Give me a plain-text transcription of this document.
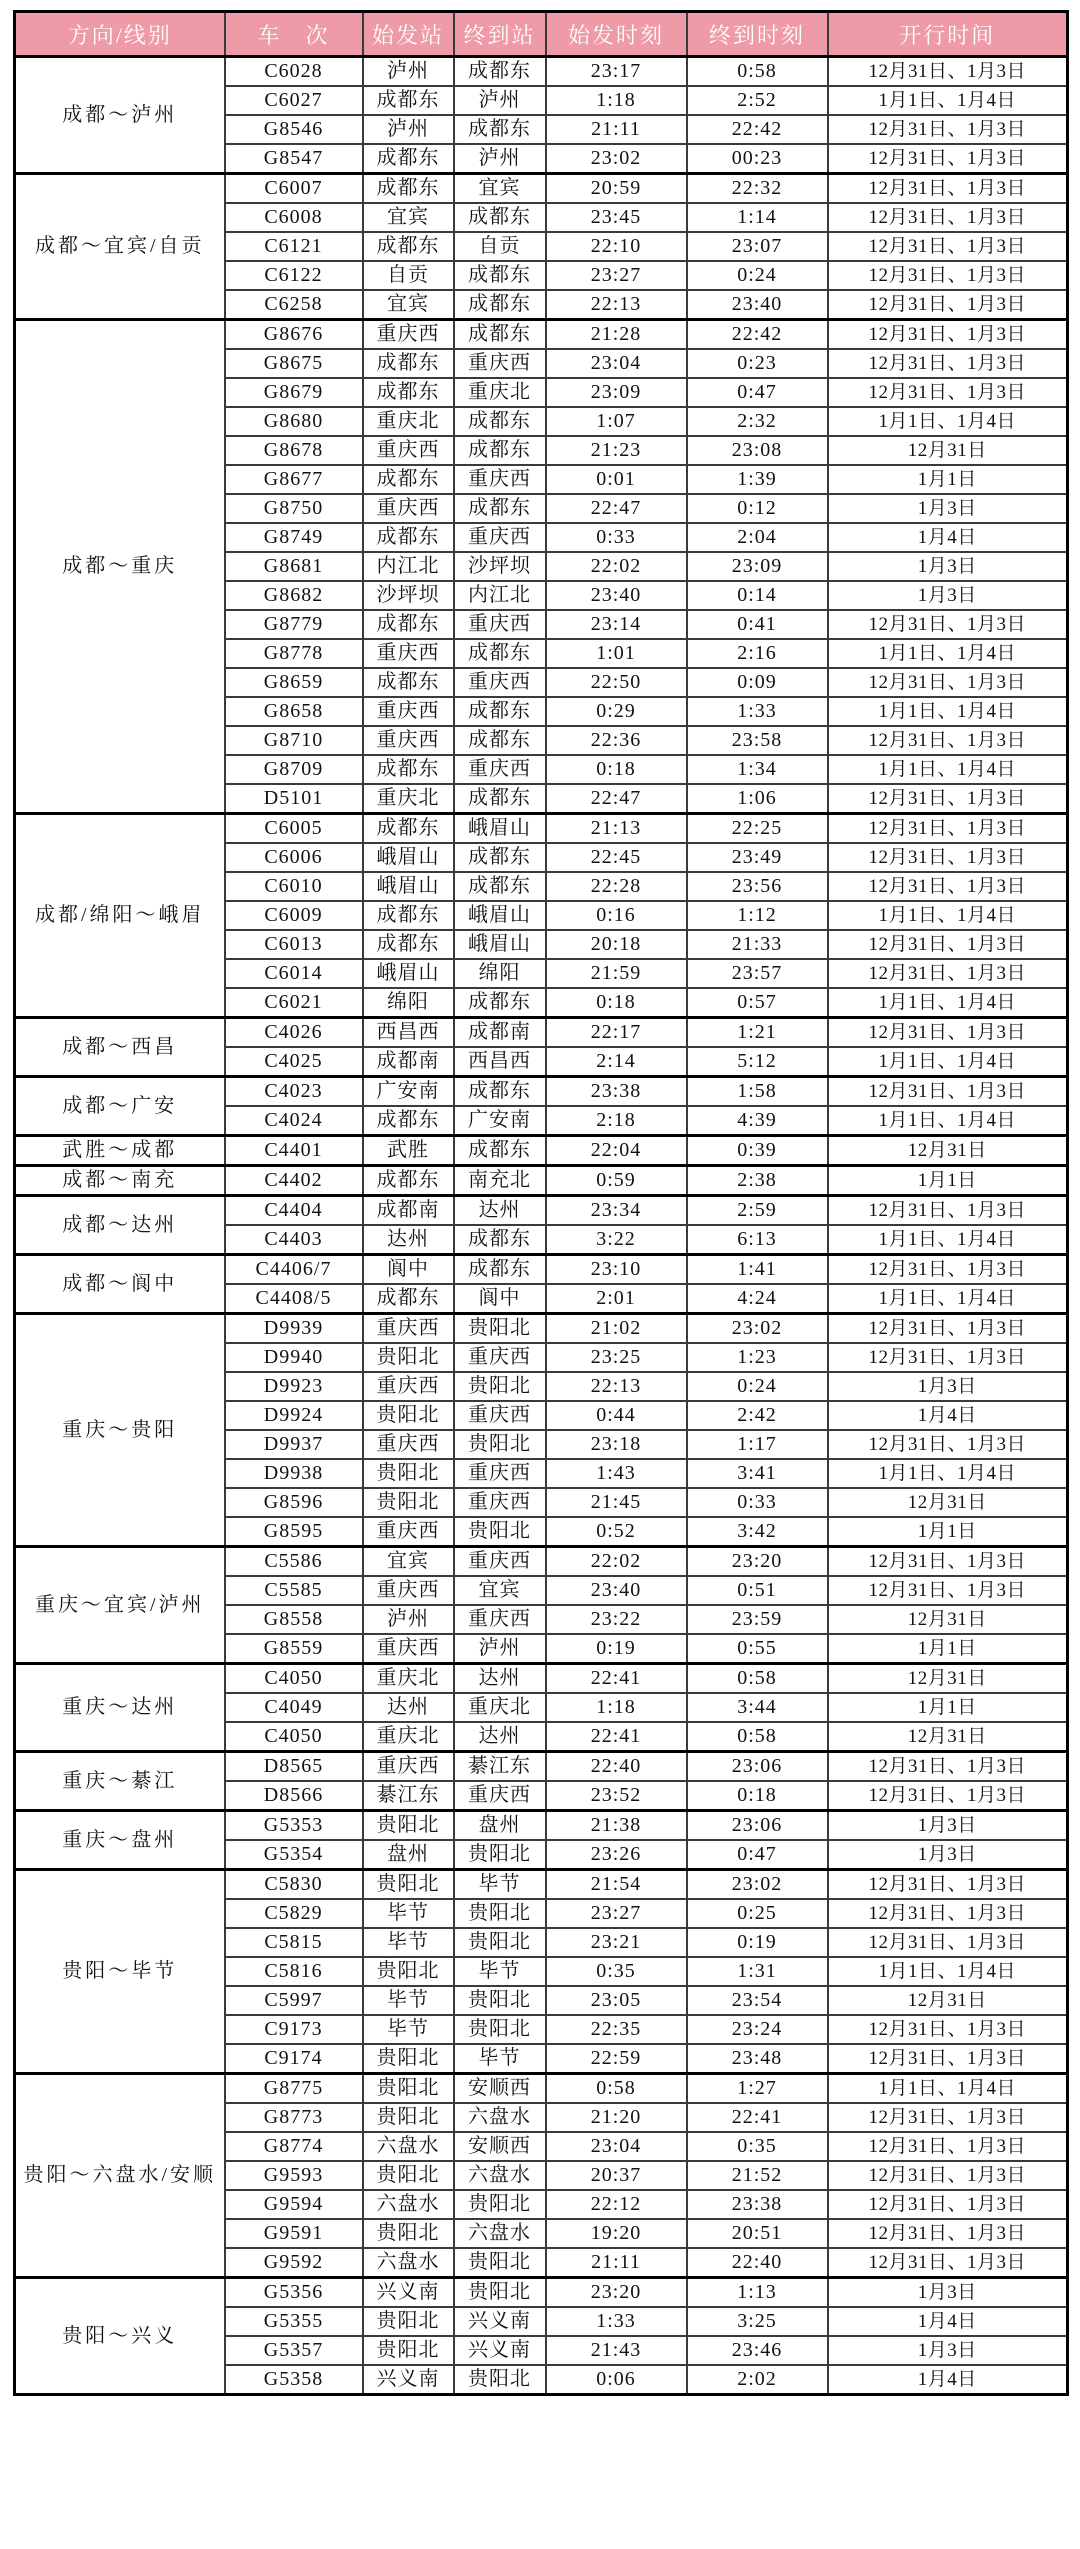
方向/线别	车　次	始发站	终到站	始发时刻	终到时刻	开行时间
成都～泸州	C6028	泸州	成都东	23:17	0:58	12月31日、1月3日
	C6027	成都东	泸州	1:18	2:52	1月1日、1月4日
	G8546	泸州	成都东	21:11	22:42	12月31日、1月3日
	G8547	成都东	泸州	23:02	00:23	12月31日、1月3日
成都～宜宾/自贡	C6007	成都东	宜宾	20:59	22:32	12月31日、1月3日
	C6008	宜宾	成都东	23:45	1:14	12月31日、1月3日
	C6121	成都东	自贡	22:10	23:07	12月31日、1月3日
	C6122	自贡	成都东	23:27	0:24	12月31日、1月3日
	C6258	宜宾	成都东	22:13	23:40	12月31日、1月3日
成都～重庆	G8676	重庆西	成都东	21:28	22:42	12月31日、1月3日
	G8675	成都东	重庆西	23:04	0:23	12月31日、1月3日
	G8679	成都东	重庆北	23:09	0:47	12月31日、1月3日
	G8680	重庆北	成都东	1:07	2:32	1月1日、1月4日
	G8678	重庆西	成都东	21:23	23:08	12月31日
	G8677	成都东	重庆西	0:01	1:39	1月1日
	G8750	重庆西	成都东	22:47	0:12	1月3日
	G8749	成都东	重庆西	0:33	2:04	1月4日
	G8681	内江北	沙坪坝	22:02	23:09	1月3日
	G8682	沙坪坝	内江北	23:40	0:14	1月3日
	G8779	成都东	重庆西	23:14	0:41	12月31日、1月3日
	G8778	重庆西	成都东	1:01	2:16	1月1日、1月4日
	G8659	成都东	重庆西	22:50	0:09	12月31日、1月3日
	G8658	重庆西	成都东	0:29	1:33	1月1日、1月4日
	G8710	重庆西	成都东	22:36	23:58	12月31日、1月3日
	G8709	成都东	重庆西	0:18	1:34	1月1日、1月4日
	D5101	重庆北	成都东	22:47	1:06	12月31日、1月3日
成都/绵阳～峨眉	C6005	成都东	峨眉山	21:13	22:25	12月31日、1月3日
	C6006	峨眉山	成都东	22:45	23:49	12月31日、1月3日
	C6010	峨眉山	成都东	22:28	23:56	12月31日、1月3日
	C6009	成都东	峨眉山	0:16	1:12	1月1日、1月4日
	C6013	成都东	峨眉山	20:18	21:33	12月31日、1月3日
	C6014	峨眉山	绵阳	21:59	23:57	12月31日、1月3日
	C6021	绵阳	成都东	0:18	0:57	1月1日、1月4日
成都～西昌	C4026	西昌西	成都南	22:17	1:21	12月31日、1月3日
	C4025	成都南	西昌西	2:14	5:12	1月1日、1月4日
成都～广安	C4023	广安南	成都东	23:38	1:58	12月31日、1月3日
	C4024	成都东	广安南	2:18	4:39	1月1日、1月4日
武胜～成都	C4401	武胜	成都东	22:04	0:39	12月31日
成都～南充	C4402	成都东	南充北	0:59	2:38	1月1日
成都～达州	C4404	成都南	达州	23:34	2:59	12月31日、1月3日
	C4403	达州	成都东	3:22	6:13	1月1日、1月4日
成都～阆中	C4406/7	阆中	成都东	23:10	1:41	12月31日、1月3日
	C4408/5	成都东	阆中	2:01	4:24	1月1日、1月4日
重庆～贵阳	D9939	重庆西	贵阳北	21:02	23:02	12月31日、1月3日
	D9940	贵阳北	重庆西	23:25	1:23	12月31日、1月3日
	D9923	重庆西	贵阳北	22:13	0:24	1月3日
	D9924	贵阳北	重庆西	0:44	2:42	1月4日
	D9937	重庆西	贵阳北	23:18	1:17	12月31日、1月3日
	D9938	贵阳北	重庆西	1:43	3:41	1月1日、1月4日
	G8596	贵阳北	重庆西	21:45	0:33	12月31日
	G8595	重庆西	贵阳北	0:52	3:42	1月1日
重庆～宜宾/泸州	C5586	宜宾	重庆西	22:02	23:20	12月31日、1月3日
	C5585	重庆西	宜宾	23:40	0:51	12月31日、1月3日
	G8558	泸州	重庆西	23:22	23:59	12月31日
	G8559	重庆西	泸州	0:19	0:55	1月1日
重庆～达州	C4050	重庆北	达州	22:41	0:58	12月31日
	C4049	达州	重庆北	1:18	3:44	1月1日
	C4050	重庆北	达州	22:41	0:58	12月31日
重庆～綦江	D8565	重庆西	綦江东	22:40	23:06	12月31日、1月3日
	D8566	綦江东	重庆西	23:52	0:18	12月31日、1月3日
重庆～盘州	G5353	贵阳北	盘州	21:38	23:06	1月3日
	G5354	盘州	贵阳北	23:26	0:47	1月3日
贵阳～毕节	C5830	贵阳北	毕节	21:54	23:02	12月31日、1月3日
	C5829	毕节	贵阳北	23:27	0:25	12月31日、1月3日
	C5815	毕节	贵阳北	23:21	0:19	12月31日、1月3日
	C5816	贵阳北	毕节	0:35	1:31	1月1日、1月4日
	C5997	毕节	贵阳北	23:05	23:54	12月31日
	C9173	毕节	贵阳北	22:35	23:24	12月31日、1月3日
	C9174	贵阳北	毕节	22:59	23:48	12月31日、1月3日
贵阳～六盘水/安顺	G8775	贵阳北	安顺西	0:58	1:27	1月1日、1月4日
	G8773	贵阳北	六盘水	21:20	22:41	12月31日、1月3日
	G8774	六盘水	安顺西	23:04	0:35	12月31日、1月3日
	G9593	贵阳北	六盘水	20:37	21:52	12月31日、1月3日
	G9594	六盘水	贵阳北	22:12	23:38	12月31日、1月3日
	G9591	贵阳北	六盘水	19:20	20:51	12月31日、1月3日
	G9592	六盘水	贵阳北	21:11	22:40	12月31日、1月3日
贵阳～兴义	G5356	兴义南	贵阳北	23:20	1:13	1月3日
	G5355	贵阳北	兴义南	1:33	3:25	1月4日
	G5357	贵阳北	兴义南	21:43	23:46	1月3日
	G5358	兴义南	贵阳北	0:06	2:02	1月4日
